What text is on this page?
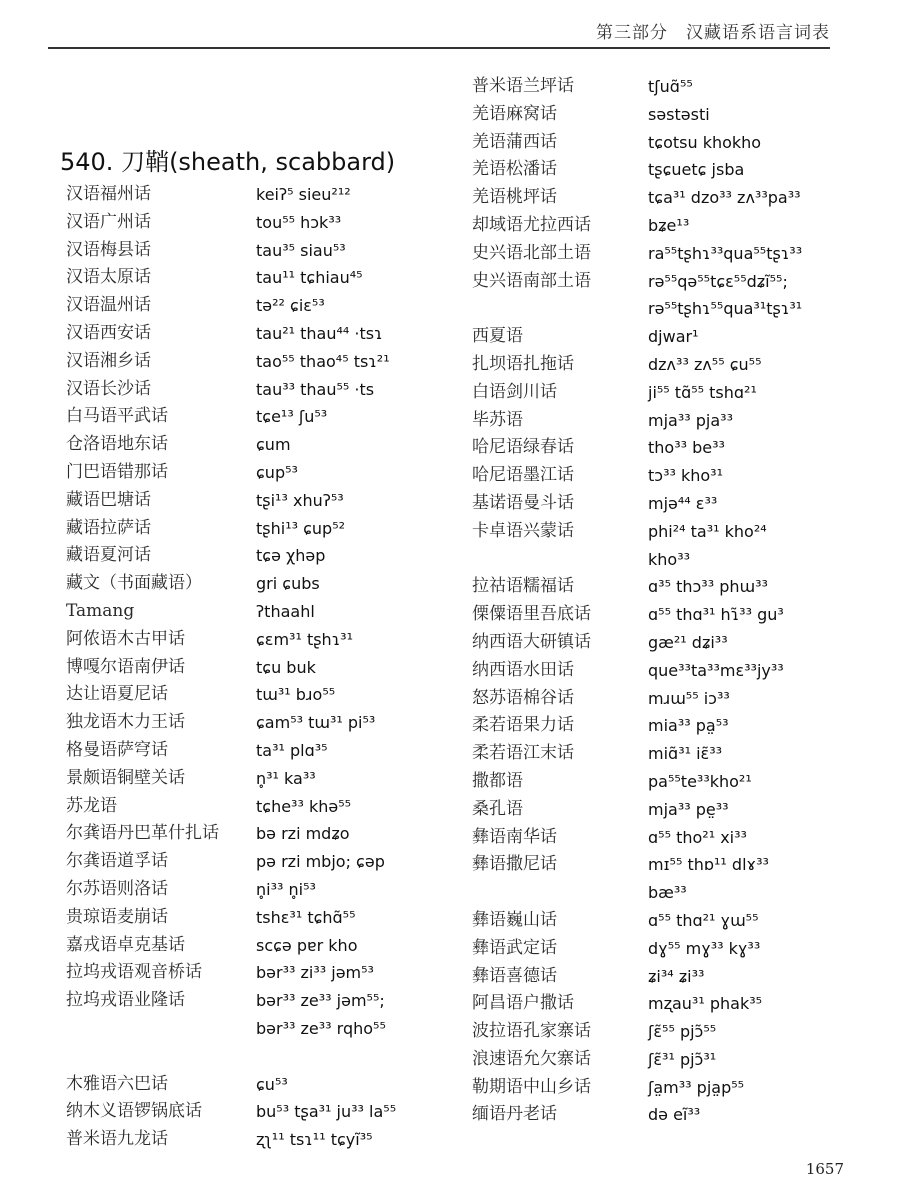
第三部分　汉藏语系语言词表
540. 刀鞘(sheath, scabbard)
汉语福州话	keiʔ⁵ sieu²¹²
汉语广州话	tou⁵⁵ hɔk³³
汉语梅县话	tau³⁵ siau⁵³
汉语太原话	tau¹¹ tɕhiau⁴⁵
汉语温州话	tə²² ɕiɛ⁵³
汉语西安话	tau²¹ thau⁴⁴ ·tsɿ
汉语湘乡话	tao⁵⁵ thao⁴⁵ tsɿ²¹
汉语长沙话	tau³³ thau⁵⁵ ·ts
白马语平武话	tɕe¹³ ʃu⁵³
仓洛语地东话	ɕum
门巴语错那话	ɕup⁵³
藏语巴塘话	tʂi¹³ xhuʔ⁵³
藏语拉萨话	tʂhi¹³ ɕup⁵²
藏语夏河话	tɕə χhəp
藏文（书面藏语）	gri ɕubs
Tamang	ʔthaahl
阿侬语木古甲话	ɕɛm³¹ tʂhɿ³¹
博嘎尔语南伊话	tɕu buk
达让语夏尼话	tɯ³¹ bɹo⁵⁵
独龙语木力王话	ɕam⁵³ tɯ³¹ pi⁵³
格曼语萨穹话	ta³¹ plɑ³⁵
景颇语铜壁关话	n̥³¹ ka³³
苏龙语	tɕhe³³ khə⁵⁵
尔龚语丹巴革什扎话	bə rzi mdʑo
尔龚语道孚话	pə rzi mbjo; ɕəp
尔苏语则洛话	n̥i³³ n̥i⁵³
贵琼语麦崩话	tshɛ³¹ tɕhɑ̃⁵⁵
嘉戎语卓克基话	scɕə pɐr kho
拉坞戎语观音桥话	bər³³ zi³³ jəm⁵³
拉坞戎语业隆话	bər³³ ze³³ jəm⁵⁵;
bər³³ ze³³ rqho⁵⁵
木雅语六巴话	ɕu⁵³
纳木义语锣锅底话	bu⁵³ tʂa³¹ ju³³ la⁵⁵
普米语九龙话	ʐʅ¹¹ tsɿ¹¹ tɕyĩ³⁵
普米语兰坪话	tʃuɑ̃⁵⁵
羌语麻窝话	səstəsti
羌语蒲西话	tɕotsu khokho
羌语松潘话	tʂɕuetɕ jsba
羌语桃坪话	tɕa³¹ dzo³³ zʌ³³pa³³
却域语尤拉西话	bʑe¹³
史兴语北部土语	ra⁵⁵tʂhɿ³³qua⁵⁵tʂɿ³³
史兴语南部土语	rə⁵⁵qə⁵⁵tɕɛ⁵⁵dʑĩ⁵⁵;
rə⁵⁵tʂhɿ⁵⁵qua³¹tʂɿ³¹
西夏语	djwar¹
扎坝语扎拖话	dzʌ³³ zʌ⁵⁵ ɕu⁵⁵
白语剑川话	ji⁵⁵ tɑ̃⁵⁵ tshɑ²¹
毕苏语	mja³³ pja³³
哈尼语绿春话	tho³³ be³³
哈尼语墨江话	tɔ³³ kho³¹
基诺语曼斗话	mjə⁴⁴ ɛ³³
卡卓语兴蒙话	phi²⁴ ta³¹ kho²⁴
kho³³
拉祜语糯福话	ɑ³⁵ thɔ³³ phɯ³³
傈僳语里吾底话	ɑ⁵⁵ thɑ³¹ hɿ̃³³ gu³
纳西语大研镇话	gæ²¹ dʑi³³
纳西语水田话	que³³ta³³mɛ³³jy³³
怒苏语棉谷话	mɹɯ⁵⁵ iɔ³³
柔若语果力话	mia³³ pa̤⁵³
柔若语江末话	miɑ̃³¹ iɛ̃³³
撒都语	pa⁵⁵te³³kho²¹
桑孔语	mja³³ pe̤³³
彝语南华话	ɑ⁵⁵ tho²¹ xi³³
彝语撒尼话	mɪ⁵⁵ thɒ¹¹ dlɤ³³
bæ³³
彝语巍山话	ɑ⁵⁵ thɑ²¹ ɣɯ⁵⁵
彝语武定话	dɣ⁵⁵ mɣ³³ kɣ³³
彝语喜德话	ʑi³⁴ ʑi³³
阿昌语户撒话	mʐau³¹ phak³⁵
波拉语孔家寨话	ʃɛ̃⁵⁵ pjɔ̃⁵⁵
浪速语允欠寨话	ʃɛ̃³¹ pjɔ̃³¹
勒期语中山乡话	ʃa̤m³³ pja̤p⁵⁵
缅语丹老话	də eĩ³³
1657
